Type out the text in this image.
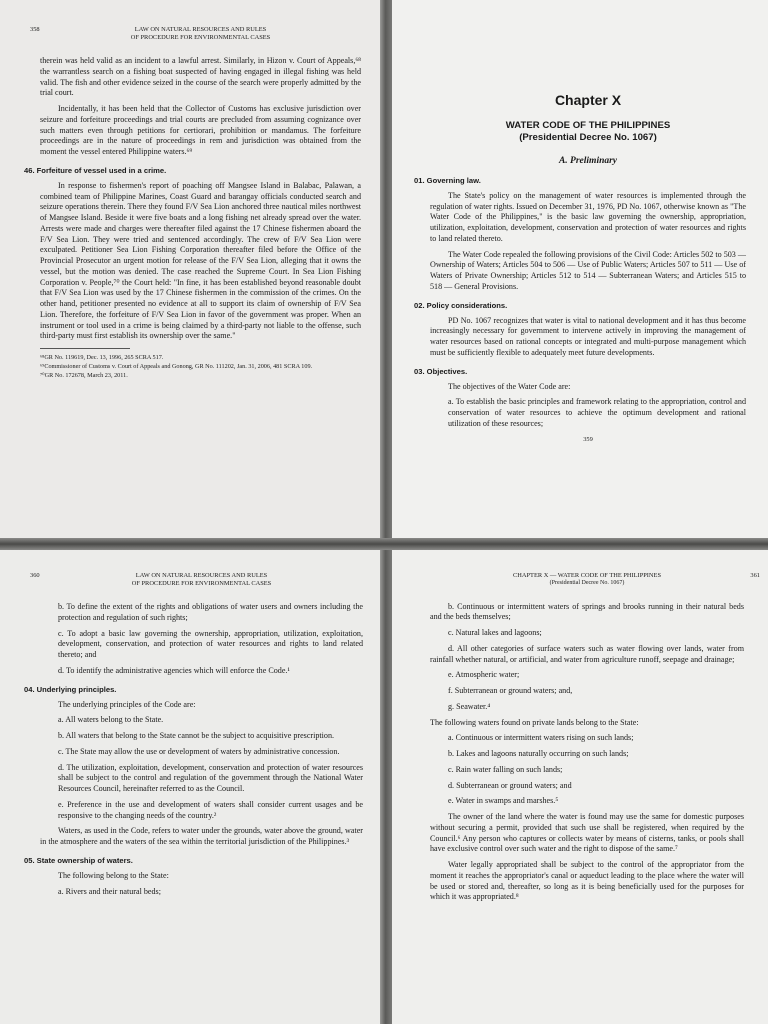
358	LAW ON NATURAL RESOURCES AND RULES
OF PROCEDURE FOR ENVIRONMENTAL CASES

therein was held valid as an incident to a lawful arrest. Similarly, in Hizon v. Court of Appeals,⁶⁸ the warrantless search on a fishing boat suspected of having engaged in illegal fishing was held valid. The fish and other evidence seized in the course of the search were properly admitted by the trial court.

Incidentally, it has been held that the Collector of Customs has exclusive jurisdiction over seizure and forfeiture proceedings and trial courts are precluded from assuming cognizance over such matters even through petitions for certiorari, prohibition or mandamus. The forfeiture proceedings are in the nature of proceedings in rem and jurisdiction was obtained from the moment the vessel entered Philippine waters.⁶⁹

46. Forfeiture of vessel used in a crime.

In response to fishermen's report of poaching off Mangsee Island in Balabac, Palawan, a combined team of Philippine Marines, Coast Guard and barangay officials conducted search and seizure operations therein. There they found F/V Sea Lion anchored three nautical miles northwest of Mangsee Island. Beside it were five boats and a long fishing net already spread over the water. Arrests were made and charges were thereafter filed against the 17 Chinese fishermen aboard the F/V Sea Lion. They were tried and sentenced accordingly. The crew of F/V Sea Lion were exculpated. Petitioner Sea Lion Fishing Corporation thereafter filed before the Office of the Provincial Prosecutor an urgent motion for release of the F/V Sea Lion, alleging that it owns the vessel, but the motion was denied. The case reached the Supreme Court. In Sea Lion Fishing Corporation v. People,⁷⁰ the Court held: "In fine, it has been established beyond reasonable doubt that F/V Sea Lion was used by the 17 Chinese fishermen in the commission of the crimes. On the other hand, petitioner presented no evidence at all to support its claim of ownership of F/V Sea Lion. Therefore, the forfeiture of F/V Sea Lion in favor of the government was proper. When an instrument or tool used in a crime is being claimed by a third-party not liable to the offense, such third-party must first establish its ownership over the same."

⁶⁸GR No. 119619, Dec. 13, 1996, 265 SCRA 517.
⁶⁹Commissioner of Customs v. Court of Appeals and Gonong, GR No. 111202, Jan. 31, 2006, 481 SCRA 109.
⁷⁰GR No. 172678, March 23, 2011.
Chapter X
WATER CODE OF THE PHILIPPINES
(Presidential Decree No. 1067)
A. Preliminary
01. Governing law.

The State's policy on the management of water resources is implemented through the regulation of water rights. Issued on December 31, 1976, PD No. 1067, otherwise known as "The Water Code of the Philippines," is the basic law governing the ownership, appropriation, utilization, exploitation, development, conservation and protection of water resources and rights to land related thereto.

The Water Code repealed the following provisions of the Civil Code: Articles 502 to 503 — Ownership of Waters; Articles 504 to 506 — Use of Public Waters; Articles 507 to 511 — Use of Waters of Private Ownership; Articles 512 to 514 — Subterranean Waters; and Articles 515 to 518 — General Provisions.

02. Policy considerations.

PD No. 1067 recognizes that water is vital to national development and it has thus become increasingly necessary for government to intervene actively in improving the management of water resources based on rational concepts or integrated and multi-purpose management which must be sufficiently flexible to adequately meet future developments.

03. Objectives.

The objectives of the Water Code are:

a. To establish the basic principles and framework relating to the appropriation, control and conservation of water resources to achieve the optimum development and rational utilization of these resources;
359
360	LAW ON NATURAL RESOURCES AND RULES
OF PROCEDURE FOR ENVIRONMENTAL CASES
b. To define the extent of the rights and obligations of water users and owners including the protection and regulation of such rights;
c. To adopt a basic law governing the ownership, appropriation, utilization, exploitation, development, conservation, and protection of water resources and rights to land related thereto; and
d. To identify the administrative agencies which will enforce the Code.¹
04. Underlying principles.

The underlying principles of the Code are:

a. All waters belong to the State.
b. All waters that belong to the State cannot be the subject to acquisitive prescription.
c. The State may allow the use or development of waters by administrative concession.
d. The utilization, exploitation, development, conservation and protection of water resources shall be subject to the control and regulation of the government through the National Water Resources Council, hereinafter referred to as the Council.
e. Preference in the use and development of waters shall consider current usages and be responsive to the changing needs of the country.²

Waters, as used in the Code, refers to water under the grounds, water above the ground, water in the atmosphere and the waters of the sea within the territorial jurisdiction of the Philippines.³

05. State ownership of waters.

The following belong to the State:

a. Rivers and their natural beds;
361
CHAPTER X — WATER CODE OF THE PHILIPPINES
(Presidential Decree No. 1067)
b. Continuous or intermittent waters of springs and brooks running in their natural beds and the beds themselves;
c. Natural lakes and lagoons;
d. All other categories of surface waters such as water flowing over lands, water from rainfall whether natural, or artificial, and water from agriculture runoff, seepage and drainage;
e. Atmospheric water;
f. Subterranean or ground waters; and,
g. Seawater.⁴

The following waters found on private lands belong to the State:

a. Continuous or intermittent waters rising on such lands;
b. Lakes and lagoons naturally occurring on such lands;
c. Rain water falling on such lands;
d. Subterranean or ground waters; and
e. Water in swamps and marshes.⁵

The owner of the land where the water is found may use the same for domestic purposes without securing a permit, provided that such use shall be registered, when required by the Council.⁶ Any person who captures or collects water by means of cisterns, tanks, or pools shall have exclusive control over such water and the right to dispose of the same.⁷

Water legally appropriated shall be subject to the control of the appropriator from the moment it reaches the appropriator's canal or aqueduct leading to the place where the water will be used or stored and, thereafter, so long as it is being beneficially used for the purposes for which it was appropriated.⁸
